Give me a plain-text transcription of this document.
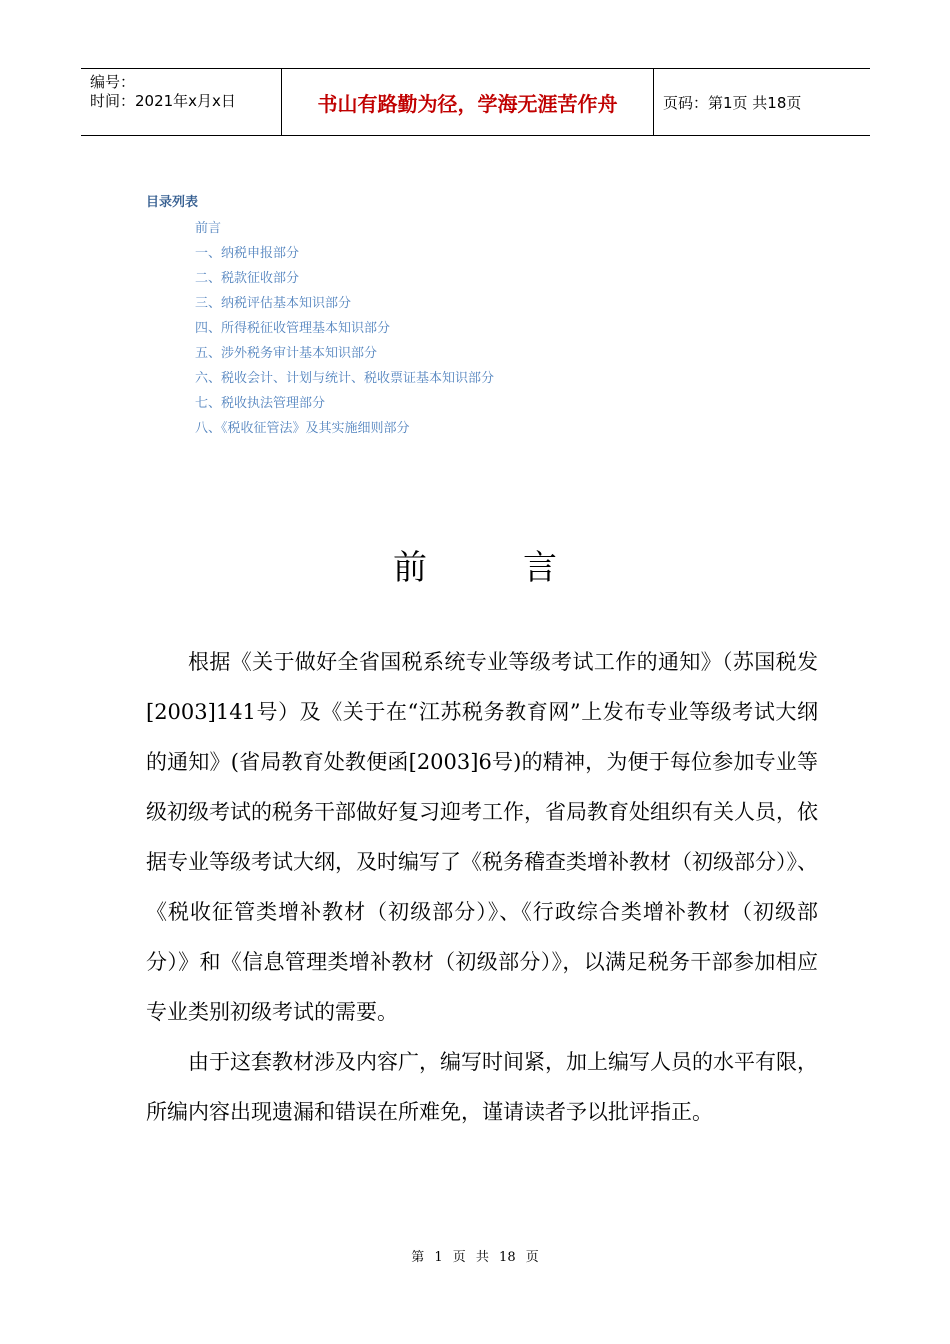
编号：
时间：2021年x月x日	书山有路勤为径，学海无涯苦作舟	页码：第1页 共18页
目录列表
前言
一、纳税申报部分
二、税款征收部分
三、纳税评估基本知识部分
四、所得税征收管理基本知识部分
五、涉外税务审计基本知识部分
六、税收会计、计划与统计、税收票证基本知识部分
七、税收执法管理部分
八、《税收征管法》及其实施细则部分
前	言

根据《关于做好全省国税系统专业等级考试工作的通知》（苏国税发[2003]141号）及《关于在“江苏税务教育网”上发布专业等级考试大纲的通知》(省局教育处教便函[2003]6号)的精神，为便于每位参加专业等级初级考试的税务干部做好复习迎考工作，省局教育处组织有关人员，依据专业等级考试大纲，及时编写了《税务稽查类增补教材（初级部分）》、《税收征管类增补教材（初级部分）》、《行政综合类增补教材（初级部分）》和《信息管理类增补教材（初级部分）》，以满足税务干部参加相应专业类别初级考试的需要。

由于这套教材涉及内容广，编写时间紧，加上编写人员的水平有限，所编内容出现遗漏和错误在所难免，谨请读者予以批评指正。

第 1 页 共 18 页
